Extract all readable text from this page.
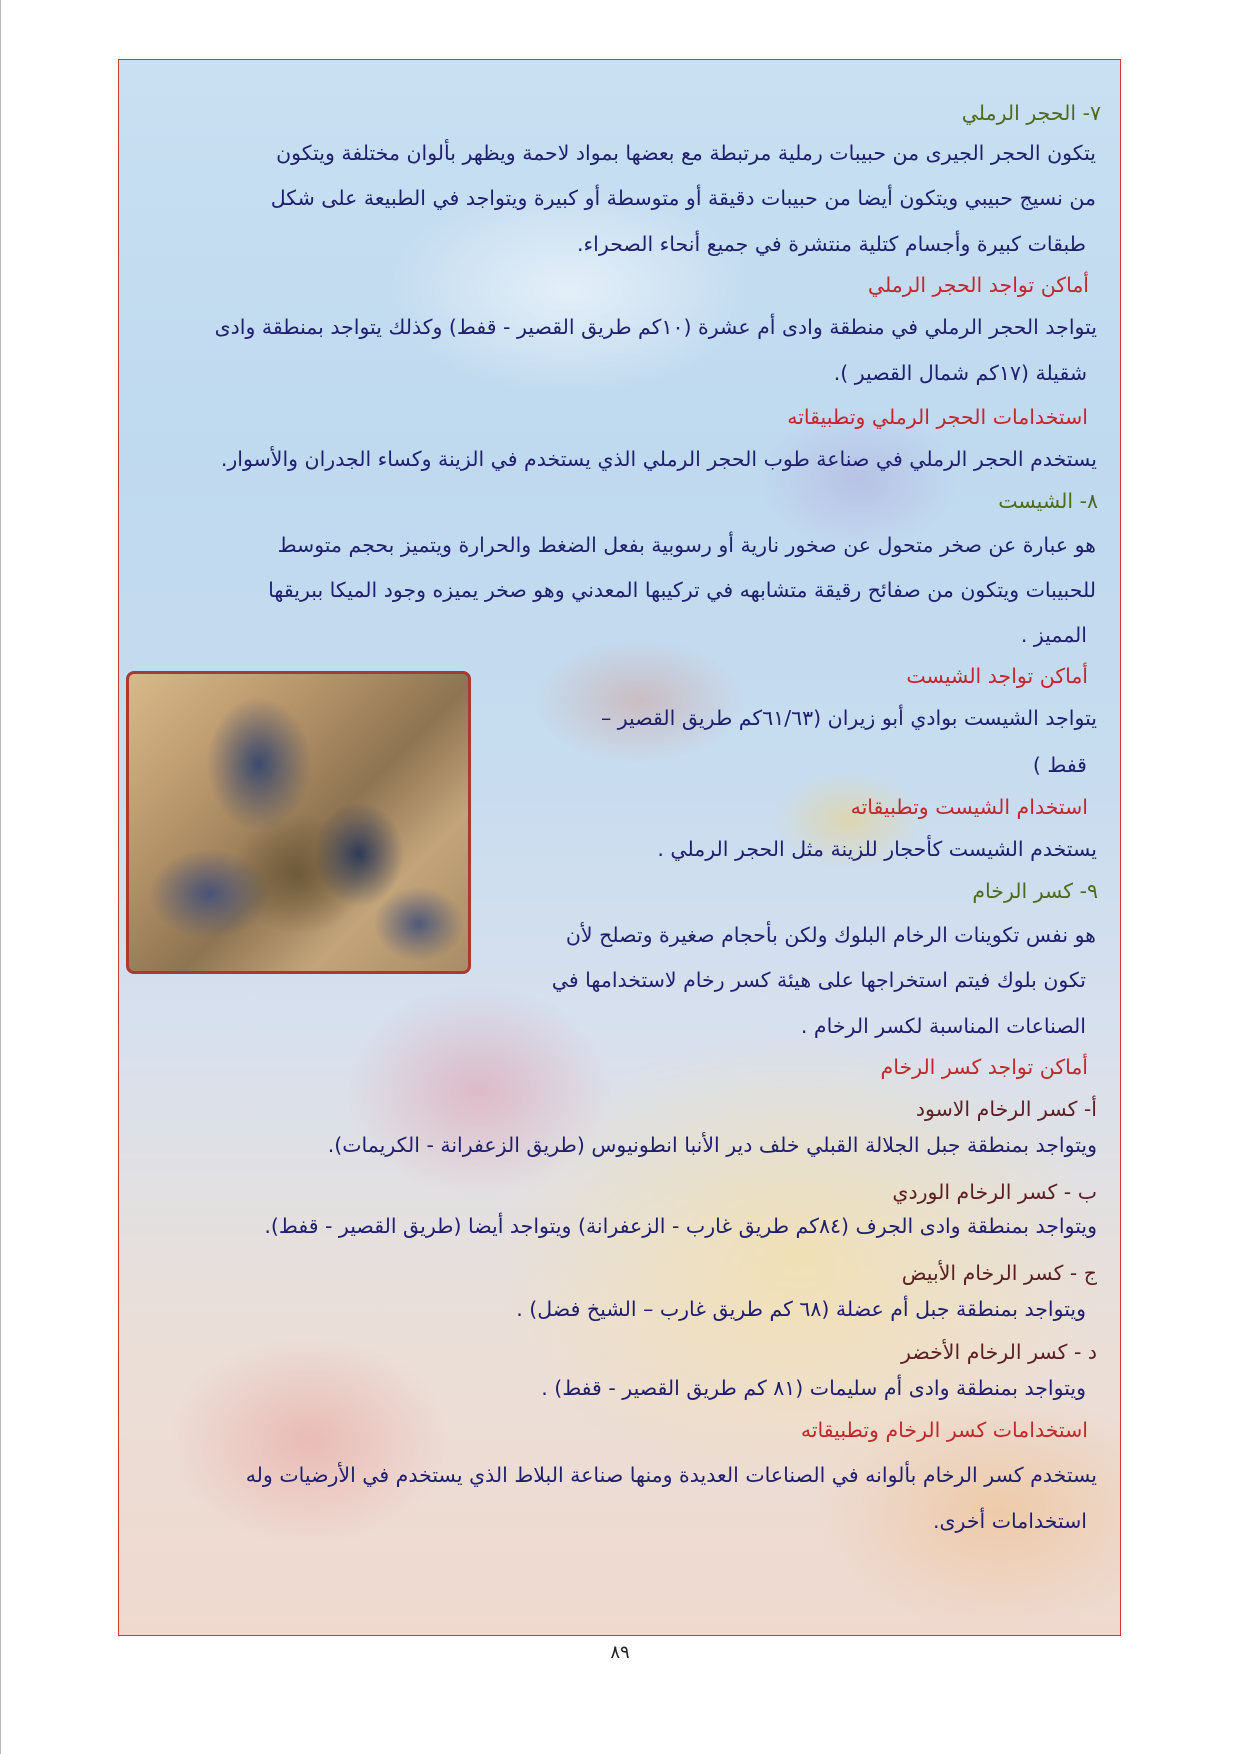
٧- الحجر الرملي
يتكون الحجر الجيرى من حبيبات رملية مرتبطة مع بعضها بمواد لاحمة ويظهر بألوان مختلفة ويتكون
من نسيج حبيبي ويتكون أيضا من حبيبات دقيقة أو متوسطة أو كبيرة ويتواجد في الطبيعة على شكل
طبقات كبيرة وأجسام كتلية منتشرة في جميع أنحاء الصحراء.
أماكن تواجد الحجر الرملي
يتواجد الحجر الرملي في منطقة وادى أم عشرة (١٠كم طريق القصير - قفط) وكذلك يتواجد بمنطقة وادى
شقيلة (١٧كم شمال القصير ).
استخدامات الحجر الرملي وتطبيقاته
يستخدم الحجر الرملي في صناعة طوب الحجر الرملي الذي يستخدم في الزينة وكساء الجدران والأسوار.
٨- الشيست
هو عبارة عن صخر متحول عن صخور نارية أو رسوبية بفعل الضغط والحرارة ويتميز بحجم متوسط
للحبيبات ويتكون من صفائح رقيقة متشابهه في تركيبها المعدني وهو صخر يميزه وجود الميكا ببريقها
المميز .
أماكن تواجد الشيست
يتواجد الشيست بوادي أبو زيران (٦١/٦٣كم طريق القصير –
قفط )
استخدام الشيست وتطبيقاته
يستخدم الشيست كأحجار للزينة مثل الحجر الرملي .
٩- كسر الرخام
هو نفس تكوينات الرخام البلوك ولكن بأحجام صغيرة وتصلح لأن
تكون بلوك فيتم استخراجها على هيئة كسر رخام لاستخدامها في
الصناعات المناسبة لكسر الرخام .
أماكن تواجد كسر الرخام
أ- كسر الرخام الاسود
ويتواجد بمنطقة جبل الجلالة القبلي خلف دير الأنبا انطونيوس (طريق الزعفرانة - الكريمات).
ب - كسر الرخام الوردي
ويتواجد بمنطقة وادى الجرف (٨٤كم طريق غارب - الزعفرانة) ويتواجد أيضا (طريق القصير - قفط).
ج - كسر الرخام الأبيض
ويتواجد بمنطقة جبل أم عضلة (٦٨ كم طريق غارب – الشيخ فضل) .
د - كسر الرخام الأخضر
ويتواجد بمنطقة وادى أم سليمات (٨١ كم طريق القصير - قفط) .
استخدامات كسر الرخام وتطبيقاته
يستخدم كسر الرخام بألوانه في الصناعات العديدة ومنها صناعة البلاط الذي يستخدم في الأرضيات وله
استخدامات أخرى.
٨٩
